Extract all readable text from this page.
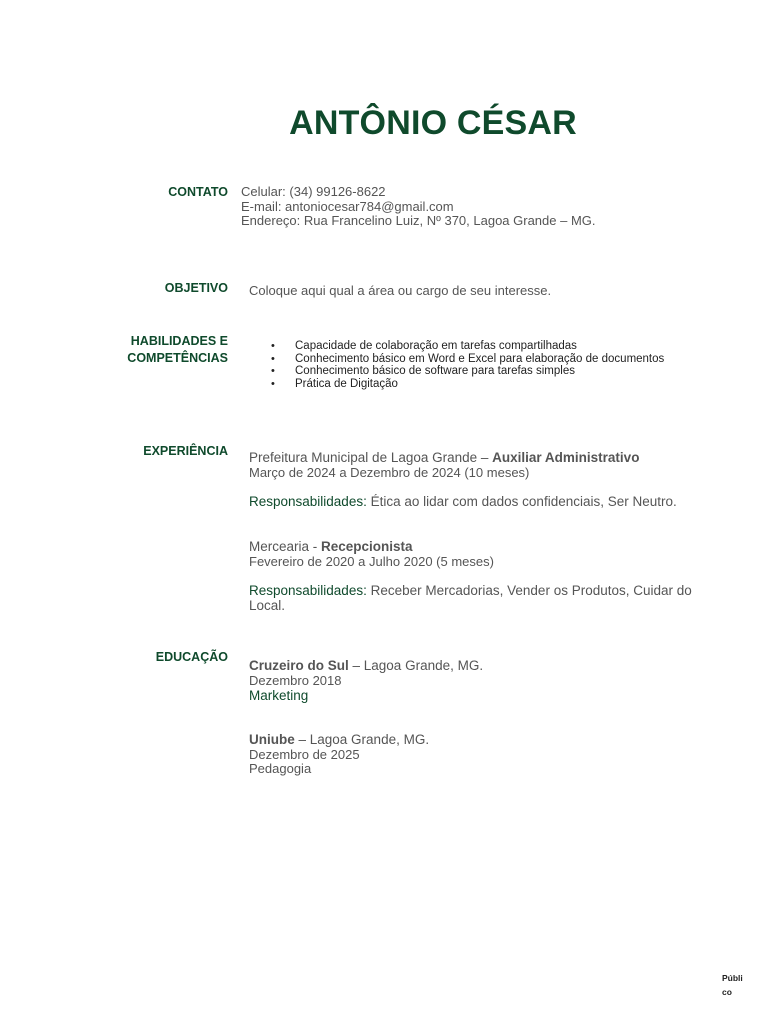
ANTÔNIO CÉSAR
CONTATO Celular: (34) 99126-8622
E-mail: antoniocesar784@gmail.com
Endereço: Rua Francelino Luiz, Nº 370, Lagoa Grande – MG.
OBJETIVO Coloque aqui qual a área ou cargo de seu interesse.
HABILIDADES E
COMPETÊNCIAS
• Capacidade de colaboração em tarefas compartilhadas
• Conhecimento básico em Word e Excel para elaboração de documentos
• Conhecimento básico de software para tarefas simples
• Prática de Digitação
EXPERIÊNCIA Prefeitura Municipal de Lagoa Grande – Auxiliar Administrativo
Março de 2024 a Dezembro de 2024 (10 meses)
Responsabilidades: Ética ao lidar com dados confidenciais, Ser Neutro.
Mercearia - Recepcionista
Fevereiro de 2020 a Julho 2020 (5 meses)
Responsabilidades: Receber Mercadorias, Vender os Produtos, Cuidar do Local.
EDUCAÇÃO
Cruzeiro do Sul – Lagoa Grande, MG.
Dezembro 2018
Marketing
Uniube – Lagoa Grande, MG.
Dezembro de 2025
Pedagogia
Público
